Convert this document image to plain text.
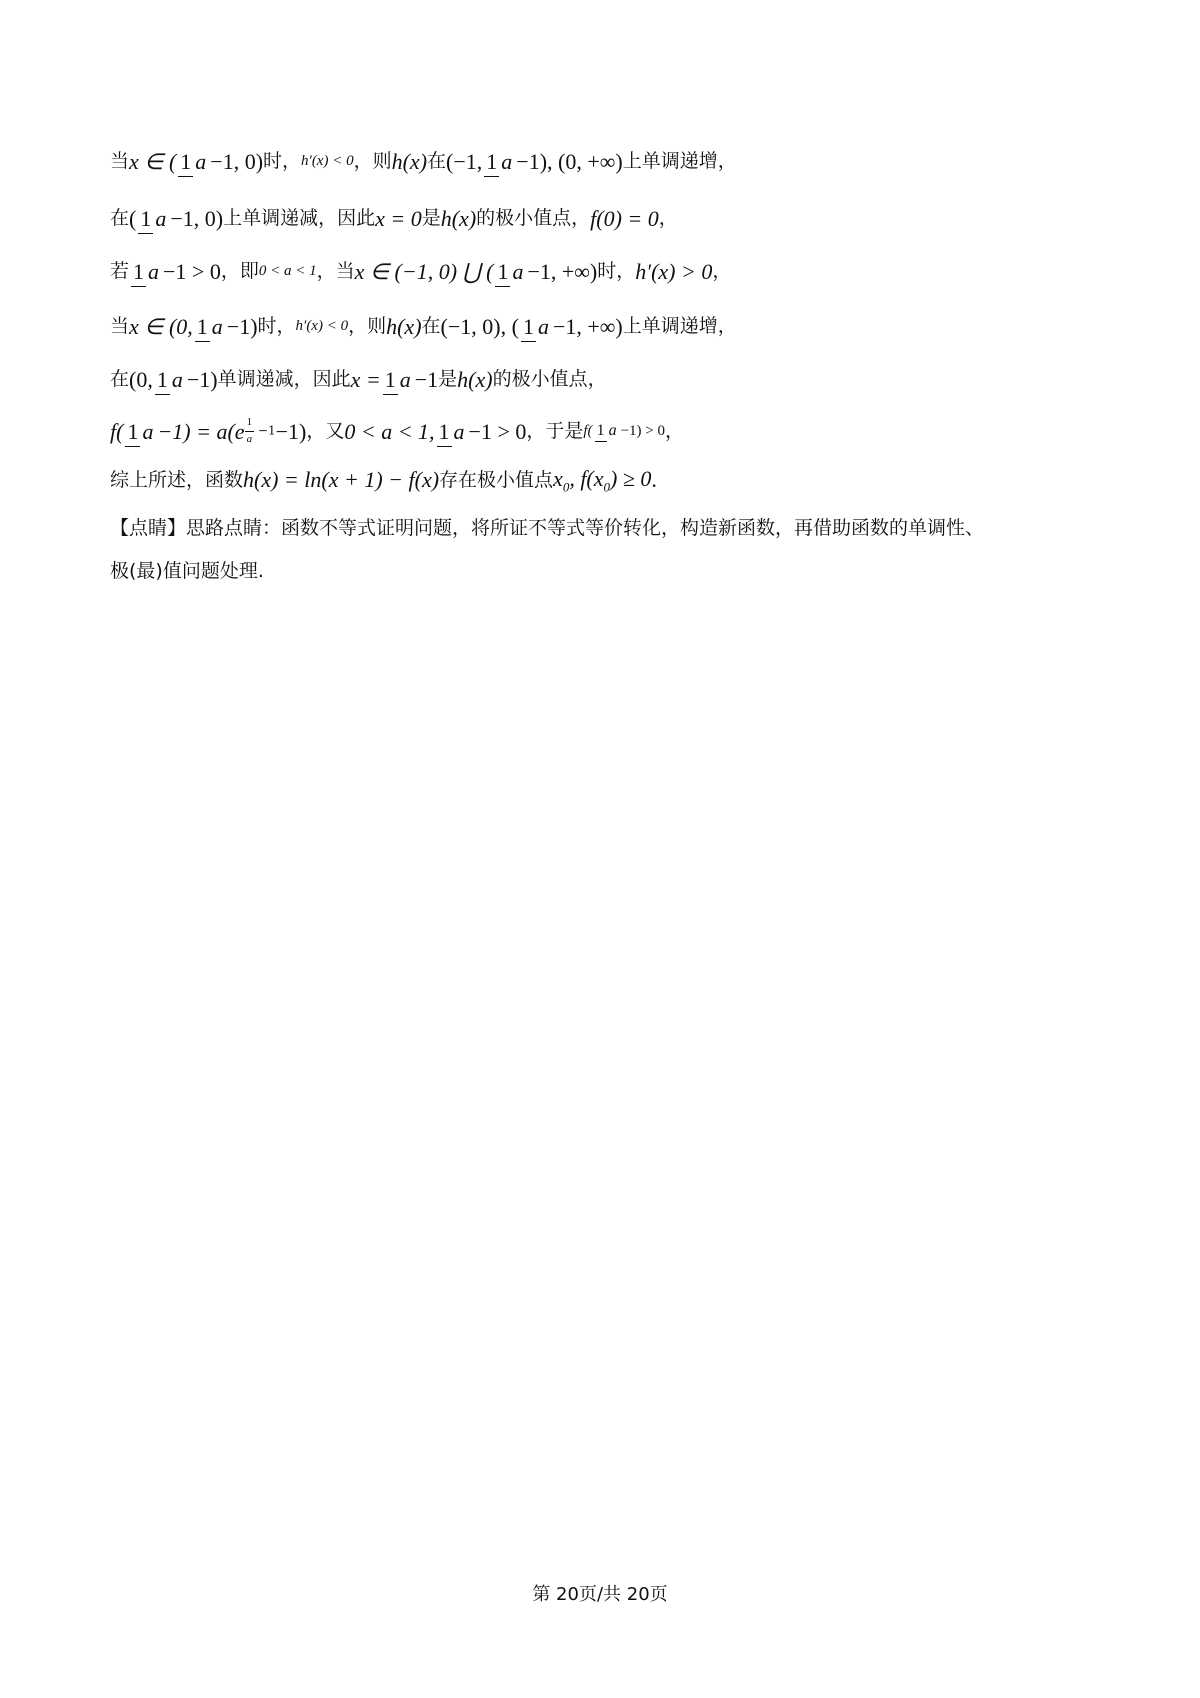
当 x ∈ ( 1 a −1, 0) 时， h′(x) < 0 ，则 h(x) 在 (−1, 1 a −1), (0, +∞) 上单调递增，
在 ( 1 a −1, 0) 上单调递减，因此 x = 0 是 h(x) 的极小值点， f(0) = 0 ，
若 1 a −1 > 0 ，即 0 < a < 1 ，当 x ∈ (−1, 0) ⋃ ( 1 a −1, +∞) 时， h′(x) > 0 ，
当 x ∈ (0, 1 a −1) 时， h′(x) < 0 ，则 h(x) 在 (−1, 0), ( 1 a −1, +∞) 上单调递增，
在 (0, 1 a −1) 单调递减，因此 x = 1 a −1 是 h(x) 的极小值点，
f( 1 $a -1) = a(e \frac{1}{a} -1 -1)$ ，又 0 < a < 1, 1 a −1 > 0 ，于是 f( 1 a −1) > 0 ，
综上所述，函数 h(x) = ln(x + 1) − f(x) 存在极小值点 $x_0$ , $f(x_0) \ge 0$ .
【点睛】思路点睛：函数不等式证明问题，将所证不等式等价转化，构造新函数，再借助函数的单调性、
极(最)值问题处理.
第 20页/共 20页
